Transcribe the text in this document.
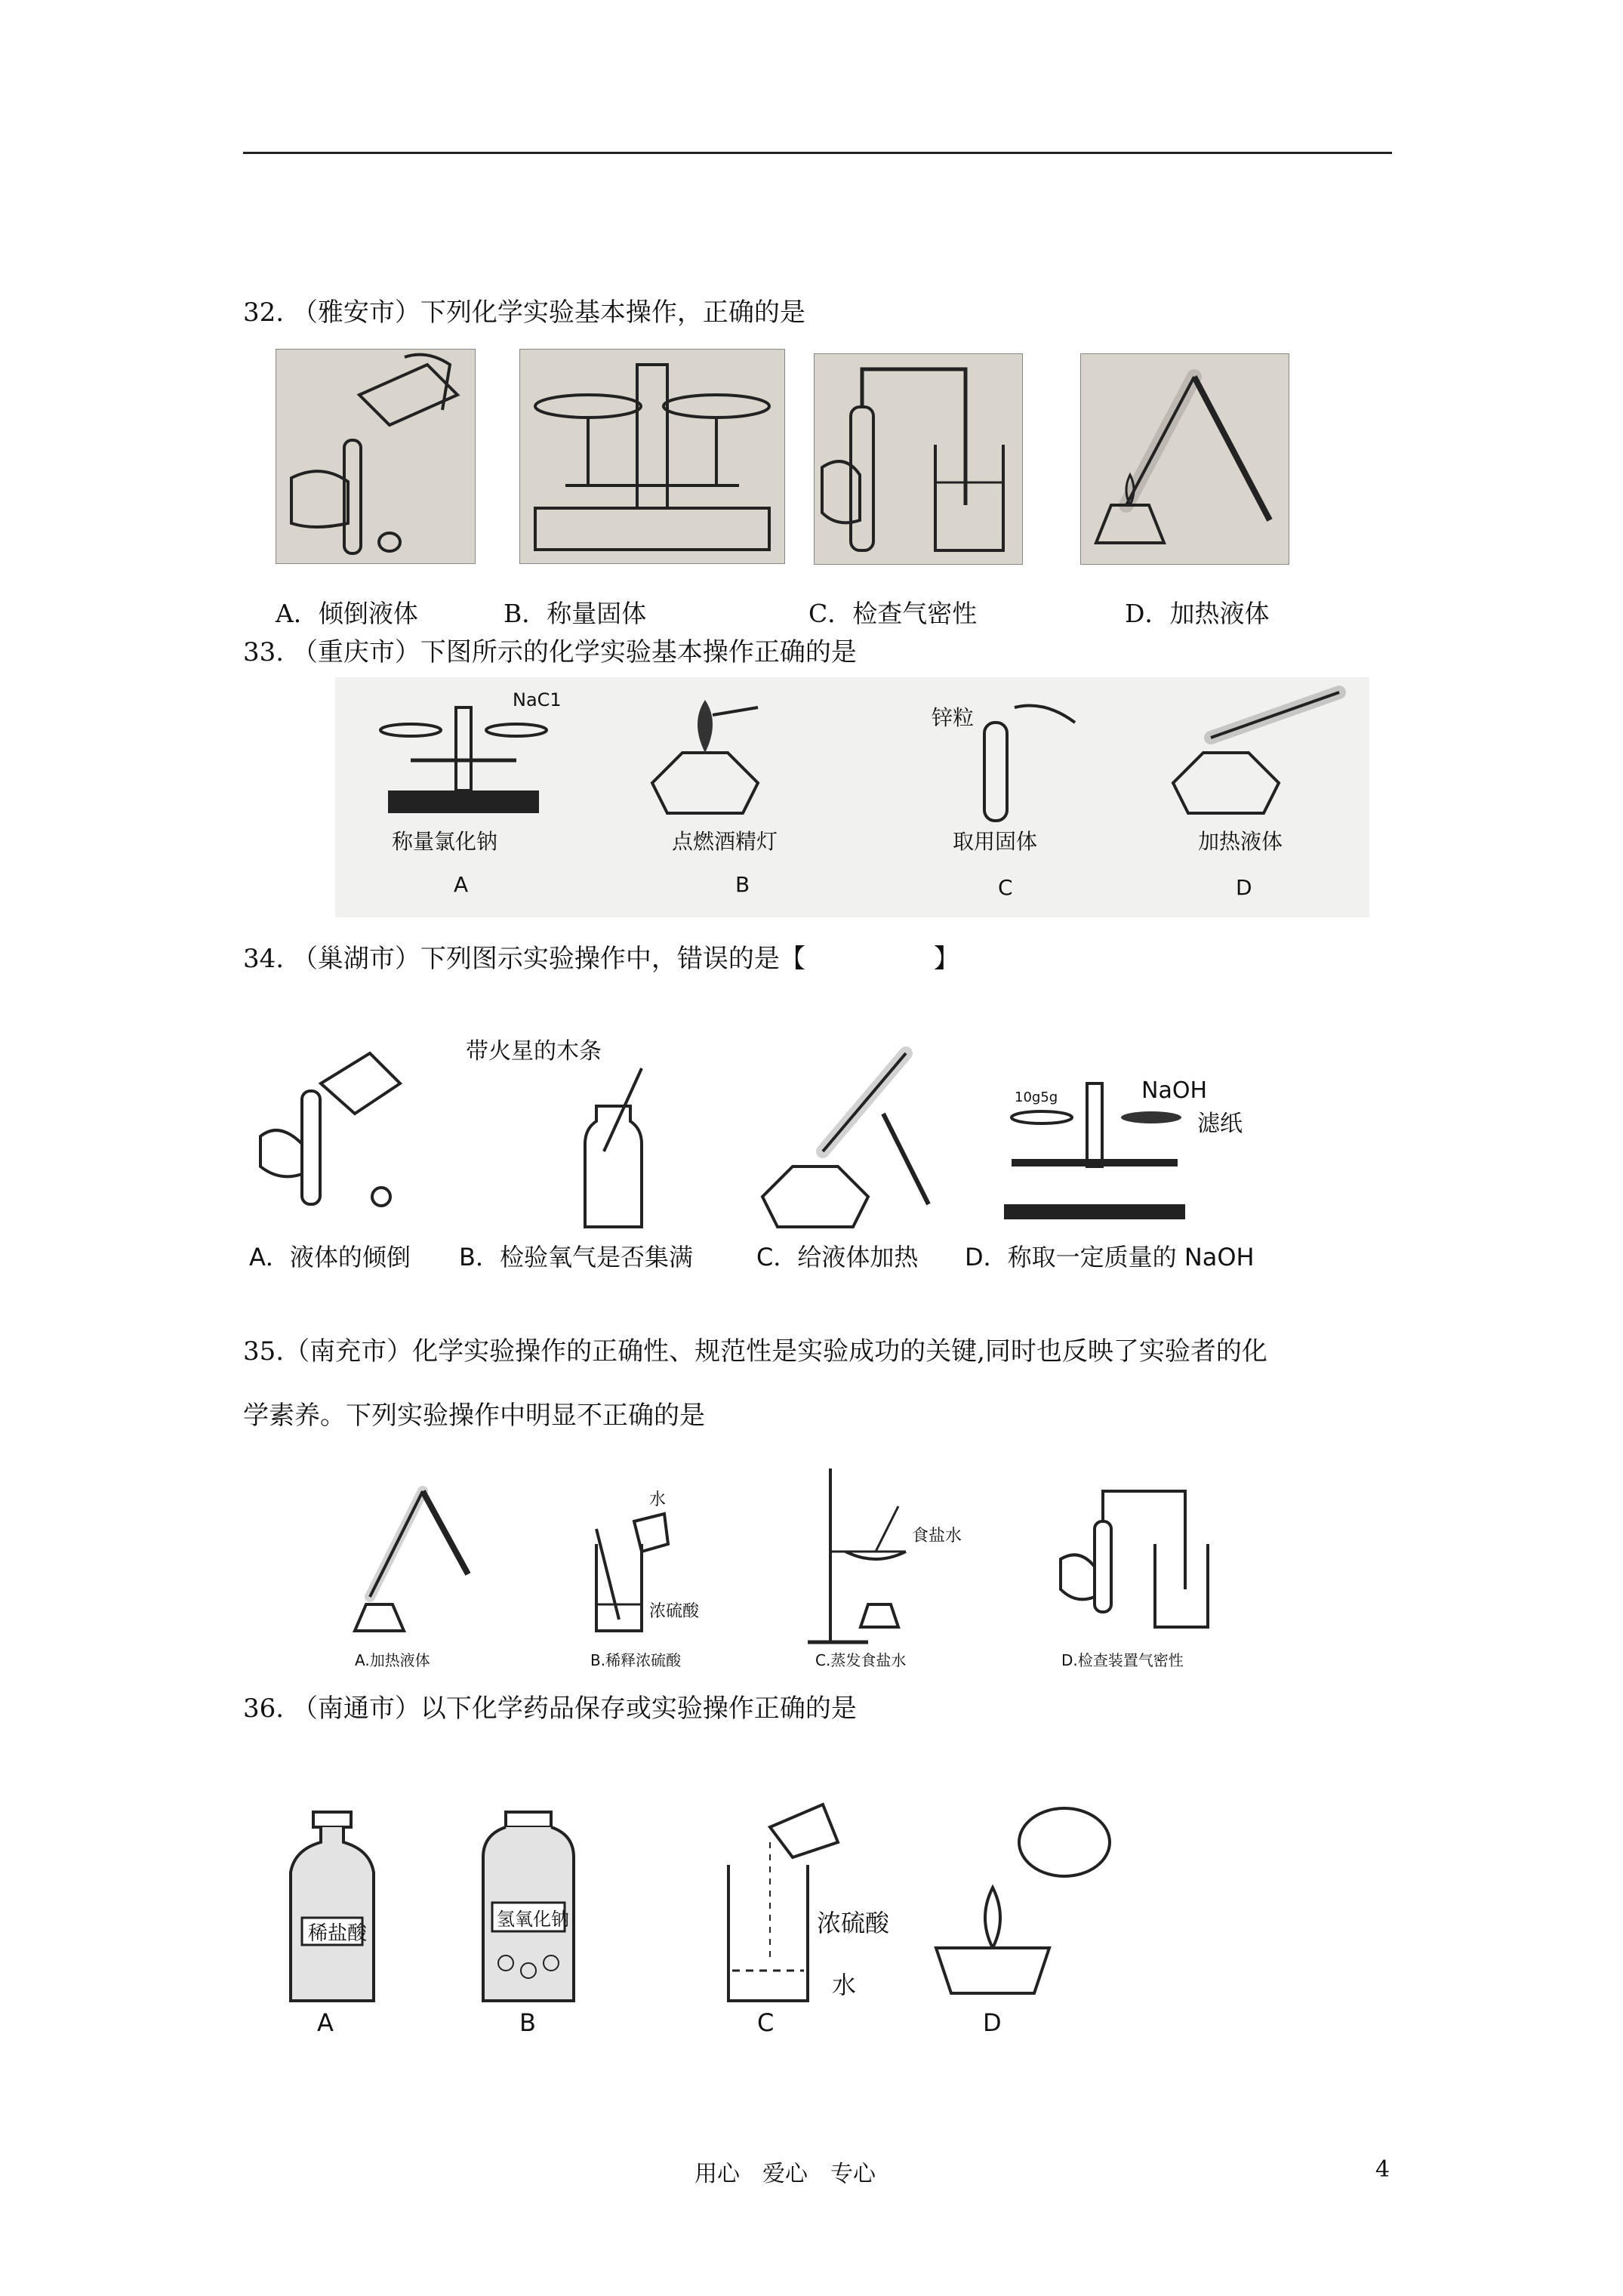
32. （雅安市）下列化学实验基本操作，正确的是
A．倾倒液体	B．称量固体	C．检查气密性	D．加热液体
33. （重庆市）下图所示的化学实验基本操作正确的是
NaC1
锌粒
称量氯化钠	点燃酒精灯	取用固体	加热液体
A	B	C	D
34. （巢湖市）下列图示实验操作中，错误的是【　　　　　】
带火星的木条
10g5g	NaOH
滤纸
A．液体的倾倒 B．检验氧气是否集满	C．给液体加热 D．称取一定质量的 NaOH
35.（南充市）化学实验操作的正确性、规范性是实验成功的关键,同时也反映了实验者的化
学素养。下列实验操作中明显不正确的是
水
浓硫酸
食盐水
A.加热液体	B.稀释浓硫酸	C.蒸发食盐水	D.检查装置气密性
36. （南通市）以下化学药品保存或实验操作正确的是
稀盐酸
氢氧化钠	浓硫酸
水
A	B	C	D
用心　爱心　专心	4
